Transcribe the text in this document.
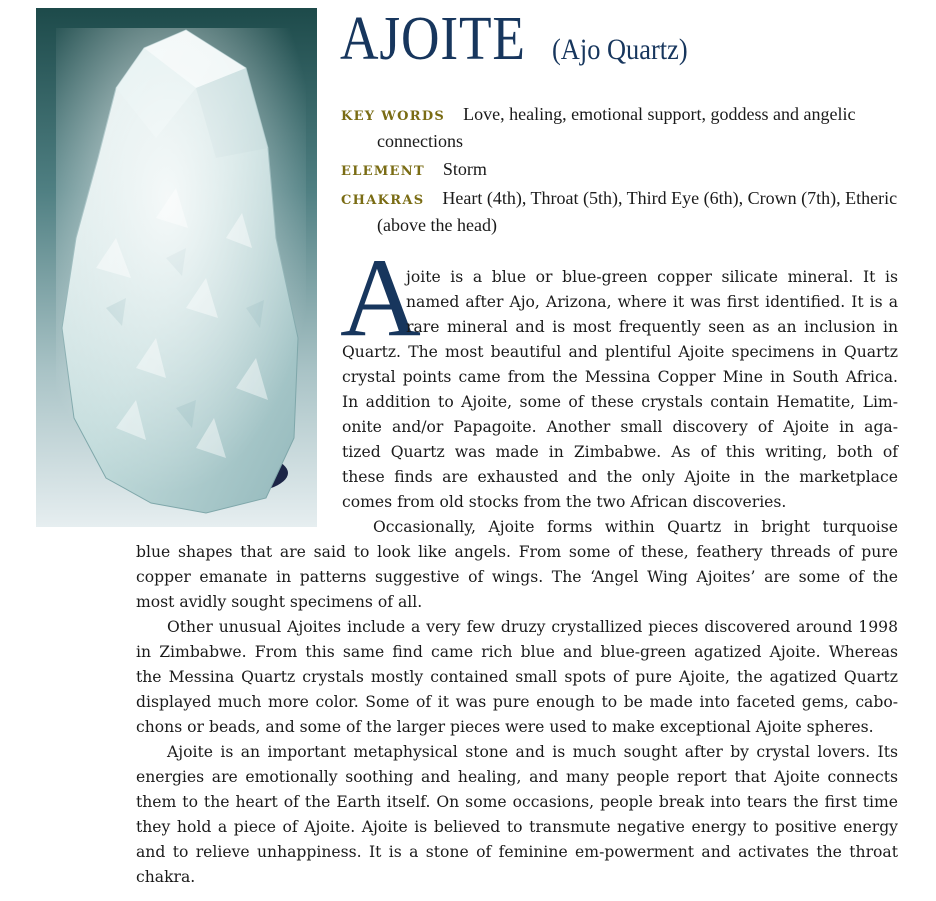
AJOITE (Ajo Quartz)
KEY WORDS Love, healing, emotional support, goddess and angelic connections
ELEMENT Storm
CHAKRAS Heart (4th), Throat (5th), Third Eye (6th), Crown (7th), Etheric (above the head)
A
joite is a blue or blue-green copper silicate mineral. It is
named after Ajo, Arizona, where it was first identified. It is a
rare mineral and is most frequently seen as an inclusion in
Quartz. The most beautiful and plentiful Ajoite specimens in Quartz
crystal points came from the Messina Copper Mine in South Africa.
In addition to Ajoite, some of these crystals contain Hematite, Lim-
onite and/or Papagoite. Another small discovery of Ajoite in aga-
tized Quartz was made in Zimbabwe. As of this writing, both of
these finds are exhausted and the only Ajoite in the marketplace
comes from old stocks from the two African discoveries.
Occasionally, Ajoite forms within Quartz in bright turquoise
blue shapes that are said to look like angels. From some of these, feathery threads of pure
copper emanate in patterns suggestive of wings. The ‘Angel Wing Ajoites’ are some of the
most avidly sought specimens of all.
Other unusual Ajoites include a very few druzy crystallized pieces discovered around 1998
in Zimbabwe. From this same find came rich blue and blue-green agatized Ajoite. Whereas
the Messina Quartz crystals mostly contained small spots of pure Ajoite, the agatized Quartz
displayed much more color. Some of it was pure enough to be made into faceted gems, cabo-
chons or beads, and some of the larger pieces were used to make exceptional Ajoite spheres.
Ajoite is an important metaphysical stone and is much sought after by crystal lovers. Its
energies are emotionally soothing and healing, and many people report that Ajoite connects
them to the heart of the Earth itself. On some occasions, people break into tears the first time
they hold a piece of Ajoite. Ajoite is believed to transmute negative energy to positive energy
and to relieve unhappiness. It is a stone of feminine em-powerment and activates the throat
chakra.
